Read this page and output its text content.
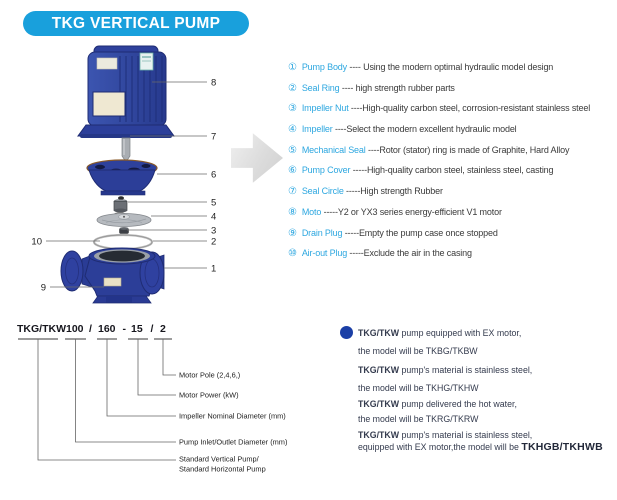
TKG VERTICAL PUMP
8
7
6
5
4
3
2
10
1
9
① Pump Body ---- Using the modern optimal hydraulic model design
② Seal Ring ---- high strength rubber parts
③ Impeller Nut ----High-quality carbon steel, corrosion-resistant stainless steel
④ Impeller ----Select the modern excellent hydraulic model
⑤ Mechanical Seal ----Rotor (stator) ring is made of Graphite, Hard Alloy
⑥ Pump Cover -----High-quality carbon steel, stainless steel, casting
⑦ Seal Circle -----High strength Rubber
⑧ Moto -----Y2 or YX3 series energy-efficient V1 motor
⑨ Drain Plug -----Empty the pump case once stopped
⑩ Air-out Plug -----Exclude the air in the casing
TKG/TKW 100 / 160 - 15 / 2
Motor Pole (2,4,6,)
Motor Power (kW)
Impeller Nominal Diameter (mm)
Pump Inlet/Outlet Diameter (mm)
Standard Vertical Pump/
Standard Horizontal Pump
TKG/TKW pump equipped with EX motor,
the model will be TKBG/TKBW
TKG/TKW pump's material is stainless steel,
the model will be TKHG/TKHW
TKG/TKW pump delivered the hot water,
the model will be TKRG/TKRW
TKG/TKW pump's material is stainless steel,
equipped with EX motor,the model will be TKHGB/TKHWB
